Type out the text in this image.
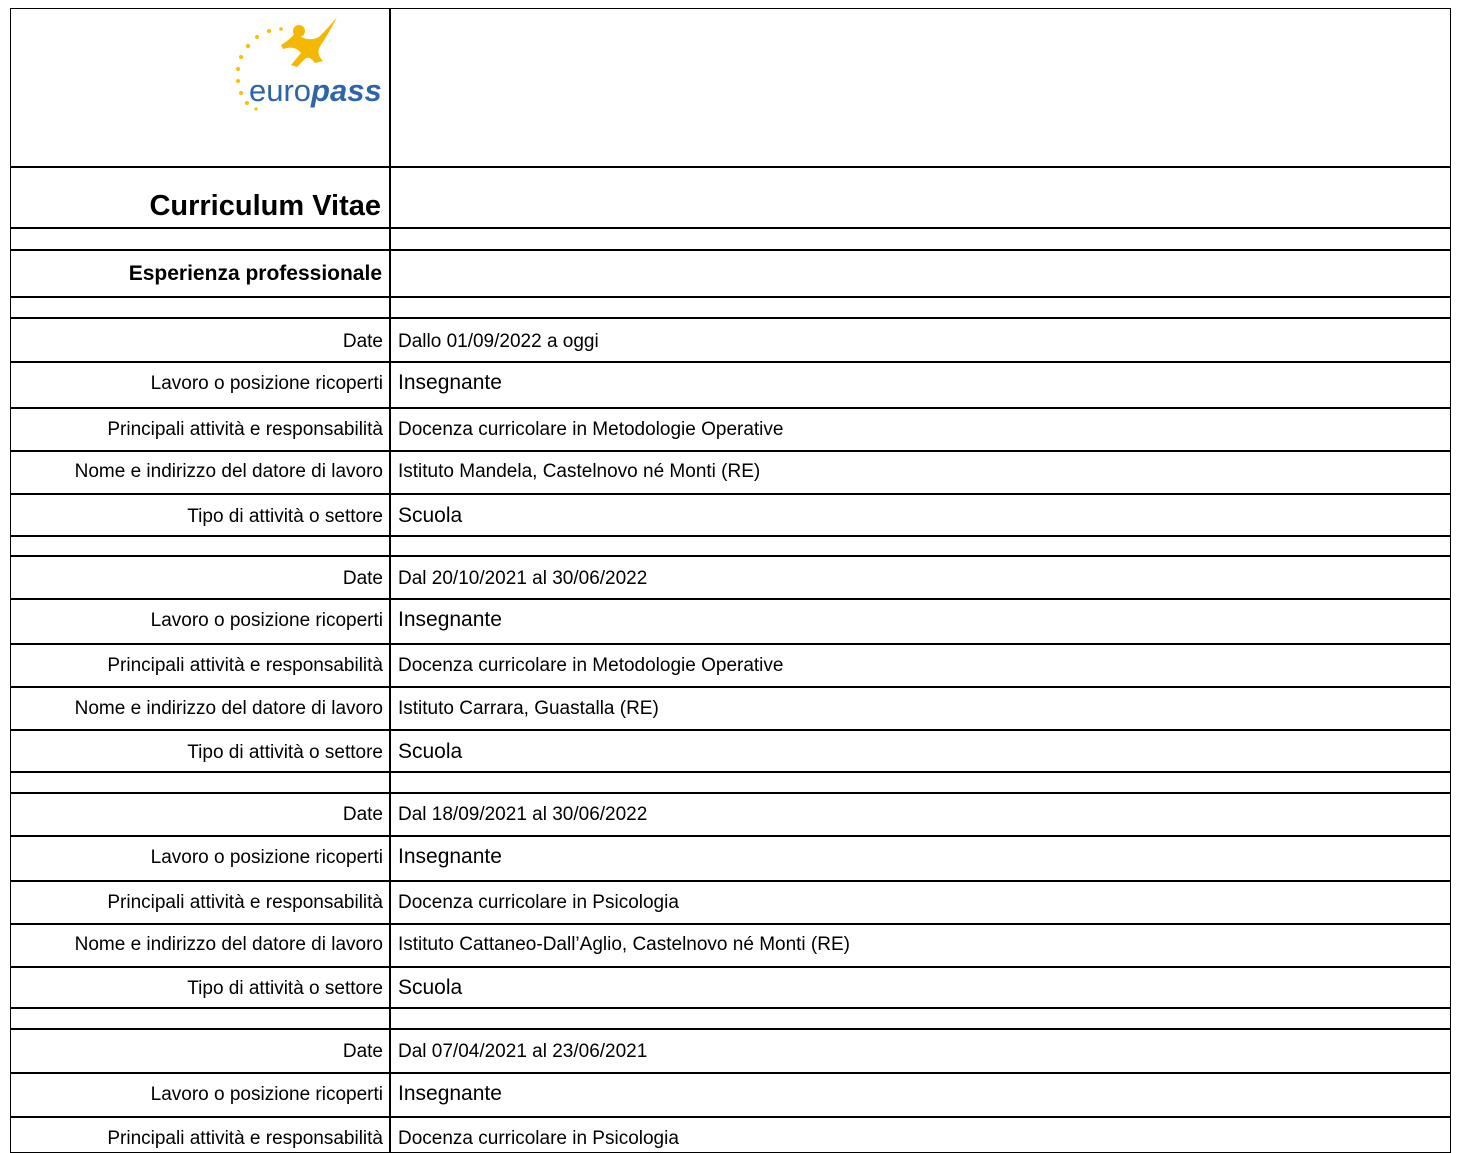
europass
Curriculum Vitae
Esperienza professionale
Date Dallo 01/09/2022 a oggi
Lavoro o posizione ricoperti Insegnante
Principali attività e responsabilità Docenza curricolare in Metodologie Operative
Nome e indirizzo del datore di lavoro Istituto Mandela, Castelnovo né Monti (RE)
Tipo di attività o settore Scuola
Date Dal 20/10/2021 al 30/06/2022
Lavoro o posizione ricoperti Insegnante
Principali attività e responsabilità Docenza curricolare in Metodologie Operative
Nome e indirizzo del datore di lavoro Istituto Carrara, Guastalla (RE)
Tipo di attività o settore Scuola
Date Dal 18/09/2021 al 30/06/2022
Lavoro o posizione ricoperti Insegnante
Principali attività e responsabilità Docenza curricolare in Psicologia
Nome e indirizzo del datore di lavoro Istituto Cattaneo-Dall’Aglio, Castelnovo né Monti (RE)
Tipo di attività o settore Scuola
Date Dal 07/04/2021 al 23/06/2021
Lavoro o posizione ricoperti Insegnante
Principali attività e responsabilità Docenza curricolare in Psicologia
